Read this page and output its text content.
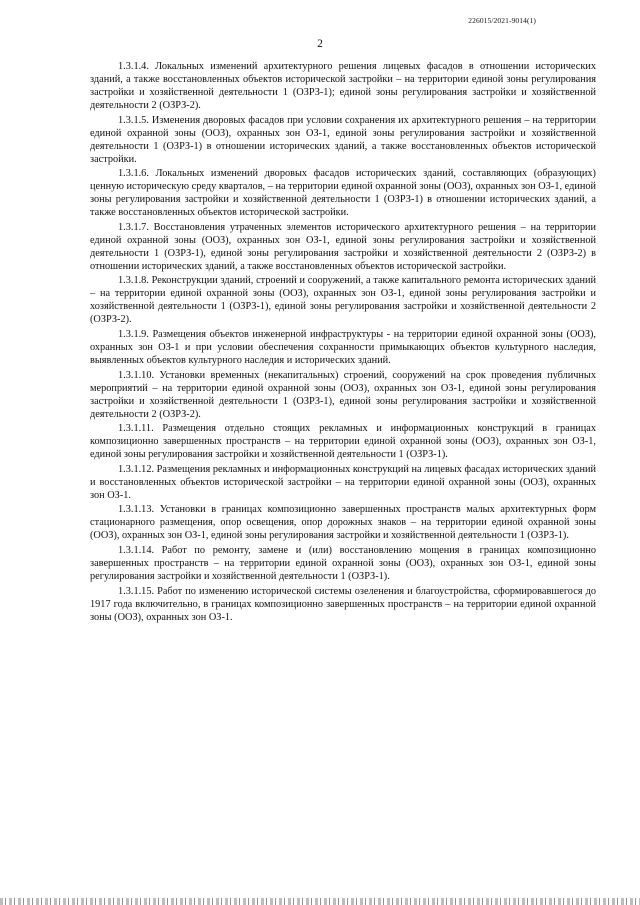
226015/2021-9014(1)
2

1.3.1.4. Локальных изменений архитектурного решения лицевых фасадов в отношении исторических зданий, а также восстановленных объектов исторической застройки – на территории единой зоны регулирования застройки и хозяйственной деятельности 1 (ОЗРЗ-1); единой зоны регулирования застройки и хозяйственной деятельности 2 (ОЗРЗ-2).

1.3.1.5. Изменения дворовых фасадов при условии сохранения их архитектурного решения – на территории единой охранной зоны (ООЗ), охранных зон ОЗ-1, единой зоны регулирования застройки и хозяйственной деятельности 1 (ОЗРЗ-1) в отношении исторических зданий, а также восстановленных объектов исторической застройки.

1.3.1.6. Локальных изменений дворовых фасадов исторических зданий, составляющих (образующих) ценную историческую среду кварталов, – на территории единой охранной зоны (ООЗ), охранных зон ОЗ-1, единой зоны регулирования застройки и хозяйственной деятельности 1 (ОЗРЗ-1) в отношении исторических зданий, а также восстановленных объектов исторической застройки.

1.3.1.7. Восстановления утраченных элементов исторического архитектурного решения – на территории единой охранной зоны (ООЗ), охранных зон ОЗ-1, единой зоны регулирования застройки и хозяйственной деятельности 1 (ОЗРЗ-1), единой зоны регулирования застройки и хозяйственной деятельности 2 (ОЗРЗ-2) в отношении исторических зданий, а также восстановленных объектов исторической застройки.

1.3.1.8. Реконструкции зданий, строений и сооружений, а также капитального ремонта исторических зданий – на территории единой охранной зоны (ООЗ), охранных зон ОЗ-1, единой зоны регулирования застройки и хозяйственной деятельности 1 (ОЗРЗ-1), единой зоны регулирования застройки и хозяйственной деятельности 2 (ОЗРЗ-2).

1.3.1.9. Размещения объектов инженерной инфраструктуры - на территории единой охранной зоны (ООЗ), охранных зон ОЗ-1 и при условии обеспечения сохранности примыкающих объектов культурного наследия, выявленных объектов культурного наследия и исторических зданий.

1.3.1.10. Установки временных (некапитальных) строений, сооружений на срок проведения публичных мероприятий – на территории единой охранной зоны (ООЗ), охранных зон ОЗ-1, единой зоны регулирования застройки и хозяйственной деятельности 1 (ОЗРЗ-1), единой зоны регулирования застройки и хозяйственной деятельности 2 (ОЗРЗ-2).

1.3.1.11. Размещения отдельно стоящих рекламных и информационных конструкций в границах композиционно завершенных пространств – на территории единой охранной зоны (ООЗ), охранных зон ОЗ-1, единой зоны регулирования застройки и хозяйственной деятельности 1 (ОЗРЗ-1).

1.3.1.12. Размещения рекламных и информационных конструкций на лицевых фасадах исторических зданий и восстановленных объектов исторической застройки – на территории единой охранной зоны (ООЗ), охранных зон ОЗ-1.

1.3.1.13. Установки в границах композиционно завершенных пространств малых архитектурных форм стационарного размещения, опор освещения, опор дорожных знаков – на территории единой охранной зоны (ООЗ), охранных зон ОЗ-1, единой зоны регулирования застройки и хозяйственной деятельности 1 (ОЗРЗ-1).

1.3.1.14. Работ по ремонту, замене и (или) восстановлению мощения в границах композиционно завершенных пространств – на территории единой охранной зоны (ООЗ), охранных зон ОЗ-1, единой зоны регулирования застройки и хозяйственной деятельности 1 (ОЗРЗ-1).

1.3.1.15. Работ по изменению исторической системы озеленения и благоустройства, сформировавшегося до 1917 года включительно, в границах композиционно завершенных пространств – на территории единой охранной зоны (ООЗ), охранных зон ОЗ-1.
